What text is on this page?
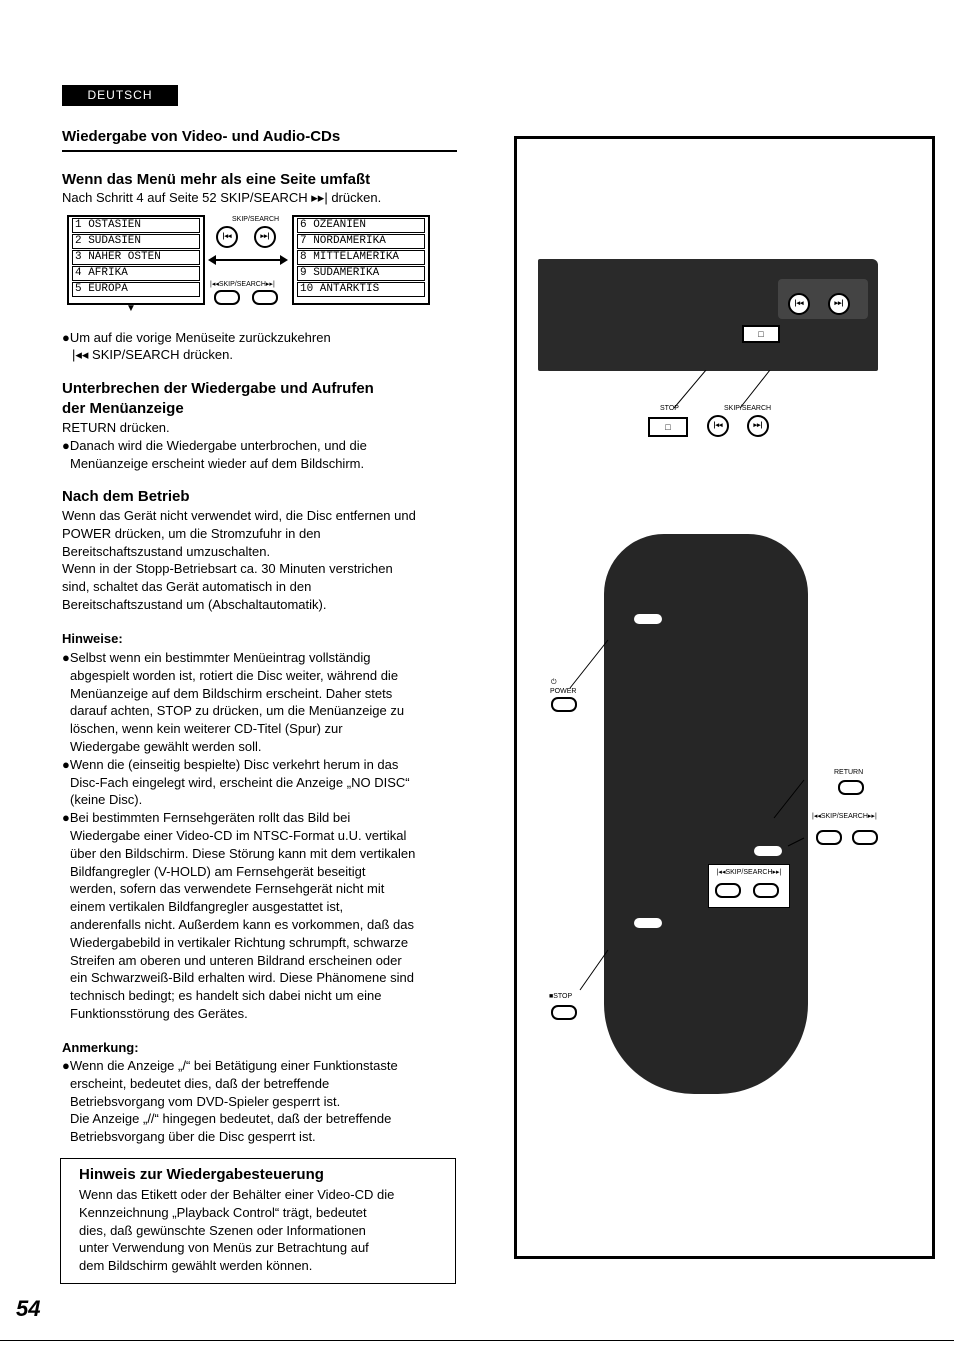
DEUTSCH
Wiedergabe von Video- und Audio-CDs
Wenn das Menü mehr als eine Seite umfaßt
Nach Schritt 4 auf Seite 52 SKIP/SEARCH ▸▸| drücken.
1 OSTASIEN
2 SÜDASIEN
3 NAHER OSTEN
4 AFRIKA
5 EUROPA
▼
SKIP/SEARCH
|◂◂	▸▸|
|◂◂SKIP/SEARCH▸▸|
6 OZEANIEN
7 NORDAMERIKA
8 MITTELAMERIKA
9 SÜDAMERIKA
10 ANTARKTIS
●Um auf die vorige Menüseite zurückzukehren
|◂◂ SKIP/SEARCH drücken.
Unterbrechen der Wiedergabe und Aufrufen
der Menüanzeige
RETURN drücken.
●Danach wird die Wiedergabe unterbrochen, und die
Menüanzeige erscheint wieder auf dem Bildschirm.
Nach dem Betrieb
Wenn das Gerät nicht verwendet wird, die Disc entfernen und
POWER drücken, um die Stromzufuhr in den
Bereitschaftszustand umzuschalten.
Wenn in der Stopp-Betriebsart ca. 30 Minuten verstrichen
sind, schaltet das Gerät automatisch in den
Bereitschaftszustand um (Abschaltautomatik).
Hinweise:
●Selbst wenn ein bestimmter Menüeintrag vollständig
abgespielt worden ist, rotiert die Disc weiter, während die
Menüanzeige auf dem Bildschirm erscheint. Daher stets
darauf achten, STOP zu drücken, um die Menüanzeige zu
löschen, wenn kein weiterer CD-Titel (Spur) zur
Wiedergabe gewählt werden soll.
●Wenn die (einseitig bespielte) Disc verkehrt herum in das
Disc-Fach eingelegt wird, erscheint die Anzeige „NO DISC“
(keine Disc).
●Bei bestimmten Fernsehgeräten rollt das Bild bei
Wiedergabe einer Video-CD im NTSC-Format u.U. vertikal
über den Bildschirm. Diese Störung kann mit dem vertikalen
Bildfangregler (V-HOLD) am Fernsehgerät beseitigt
werden, sofern das verwendete Fernsehgerät nicht mit
einem vertikalen Bildfangregler ausgestattet ist,
anderenfalls nicht. Außerdem kann es vorkommen, daß das
Wiedergabebild in vertikaler Richtung schrumpft, schwarze
Streifen am oberen und unteren Bildrand erscheinen oder
ein Schwarzweiß-Bild erhalten wird. Diese Phänomene sind
technisch bedingt; es handelt sich dabei nicht um eine
Funktionsstörung des Gerätes.
Anmerkung:
●Wenn die Anzeige „/“ bei Betätigung einer Funktionstaste
erscheint, bedeutet dies, daß der betreffende
Betriebsvorgang vom DVD-Spieler gesperrt ist.
Die Anzeige „//“ hingegen bedeutet, daß der betreffende
Betriebsvorgang über die Disc gesperrt ist.
Hinweis zur Wiedergabesteuerung
Wenn das Etikett oder der Behälter einer Video-CD die
Kennzeichnung „Playback Control“ trägt, bedeutet
dies, daß gewünschte Szenen oder Informationen
unter Verwendung von Menüs zur Betrachtung auf
dem Bildschirm gewählt werden können.
54
|◂◂	▸▸|
□
STOP	SKIP/SEARCH
□	|◂◂	▸▸|
|◂◂SKIP/SEARCH▸▸|
⏻
POWER
RETURN
|◂◂SKIP/SEARCH▸▸|
■STOP
